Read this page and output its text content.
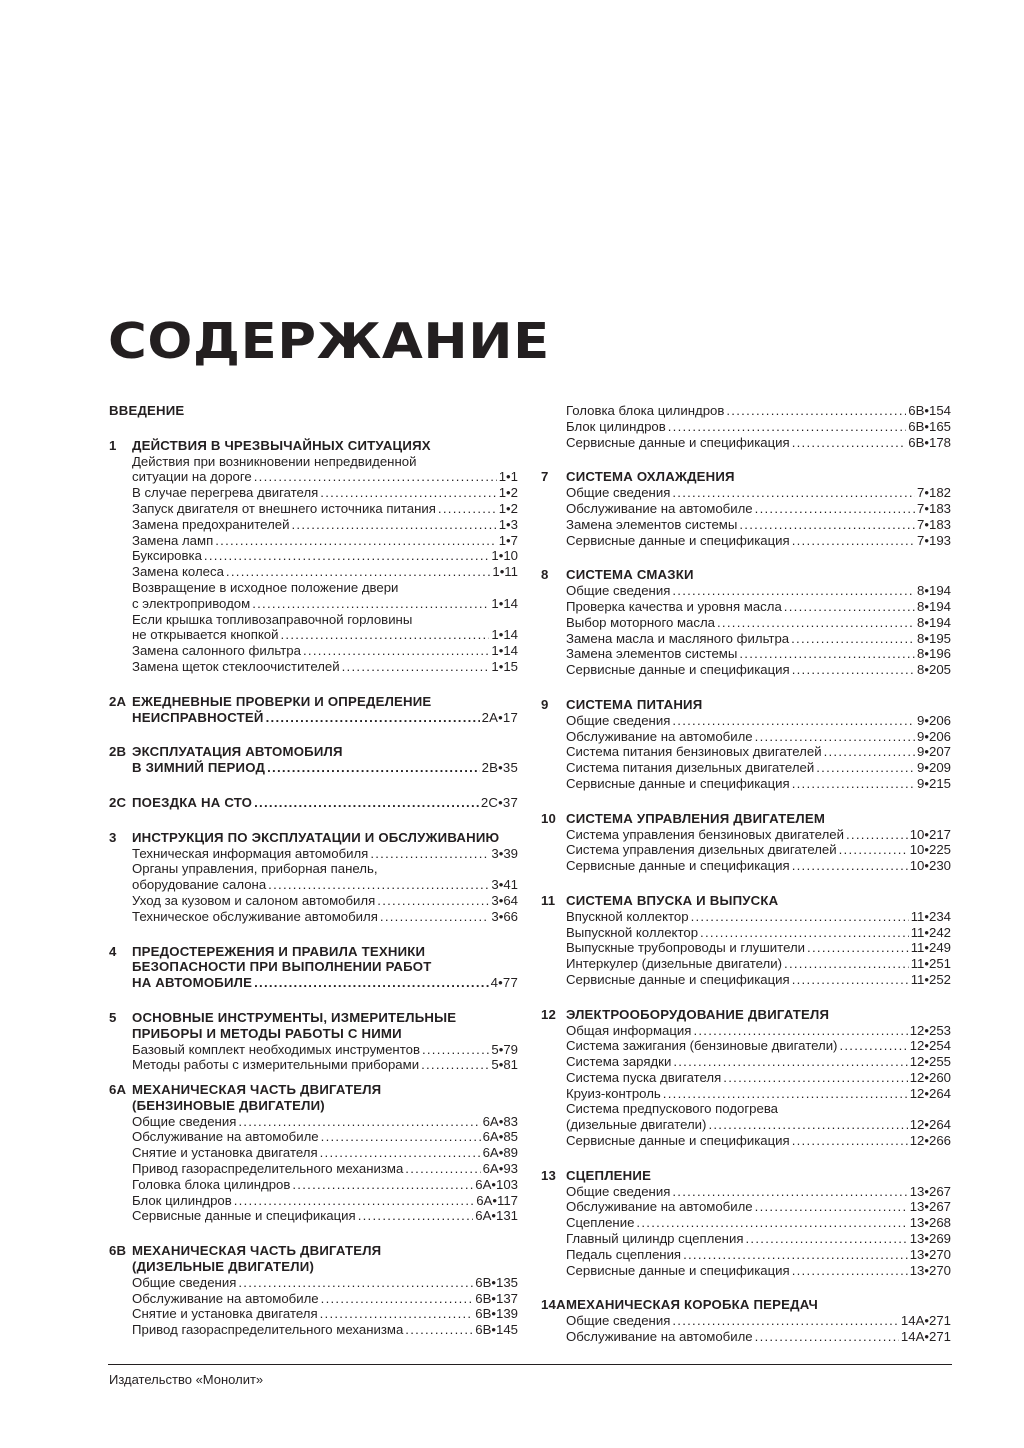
СОДЕРЖАНИЕ
ВВЕДЕНИЕ
1	ДЕЙСТВИЯ В ЧРЕЗВЫЧАЙНЫХ СИТУАЦИЯХ
Действия при возникновении непредвиденной
ситуации на дороге . . .	1•1
В случае перегрева двигателя . . .	1•2
Запуск двигателя от внешнего источника питания . . .	1•2
Замена предохранителей . . .	1•3
Замена ламп . . .	1•7
Буксировка . . .	1•10
Замена колеса . . .	1•11
Возвращение в исходное положение двери
с электроприводом . . .	1•14
Если крышка топливозаправочной горловины
не открывается кнопкой . . .	1•14
Замена салонного фильтра . . .	1•14
Замена щеток стеклоочистителей . . .	1•15
2A ЕЖЕДНЕВНЫЕ ПРОВЕРКИ И ОПРЕДЕЛЕНИЕ
НЕИСПРАВНОСТЕЙ . . .	2A•17
2B ЭКСПЛУАТАЦИЯ АВТОМОБИЛЯ
В ЗИМНИЙ ПЕРИОД . . .	2B•35
2C ПОЕЗДКА НА СТО . . .	2C•37
3	ИНСТРУКЦИЯ ПО ЭКСПЛУАТАЦИИ И ОБСЛУЖИВАНИЮ
Техническая информация автомобиля . . .	3•39
Органы управления, приборная панель,
оборудование салона . . .	3•41
Уход за кузовом и салоном автомобиля . . .	3•64
Техническое обслуживание автомобиля . . .	3•66
4	ПРЕДОСТЕРЕЖЕНИЯ И ПРАВИЛА ТЕХНИКИ
БЕЗОПАСНОСТИ ПРИ ВЫПОЛНЕНИИ РАБОТ
НА АВТОМОБИЛЕ . . .	4•77
5	ОСНОВНЫЕ ИНСТРУМЕНТЫ, ИЗМЕРИТЕЛЬНЫЕ
ПРИБОРЫ И МЕТОДЫ РАБОТЫ С НИМИ
Базовый комплект необходимых инструментов . . .	5•79
Методы работы с измерительными приборами . . .	5•81
6A МЕХАНИЧЕСКАЯ ЧАСТЬ ДВИГАТЕЛЯ
(БЕНЗИНОВЫЕ ДВИГАТЕЛИ)
Общие сведения . . .	6A•83
Обслуживание на автомобиле . . .	6A•85
Снятие и установка двигателя . . .	6A•89
Привод газораспределительного механизма . . .	6A•93
Головка блока цилиндров . . .	6A•103
Блок цилиндров . . .	6A•117
Сервисные данные и спецификация . . .	6A•131
6B МЕХАНИЧЕСКАЯ ЧАСТЬ ДВИГАТЕЛЯ
(ДИЗЕЛЬНЫЕ ДВИГАТЕЛИ)
Общие сведения . . .	6B•135
Обслуживание на автомобиле . . .	6B•137
Снятие и установка двигателя . . .	6B•139
Привод газораспределительного механизма . . .	6B•145
Головка блока цилиндров . . .	6B•154
Блок цилиндров . . .	6B•165
Сервисные данные и спецификация . . .	6B•178
7	СИСТЕМА ОХЛАЖДЕНИЯ
Общие сведения . . .	7•182
Обслуживание на автомобиле . . .	7•183
Замена элементов системы . . .	7•183
Сервисные данные и спецификация . . .	7•193
8	СИСТЕМА СМАЗКИ
Общие сведения . . .	8•194
Проверка качества и уровня масла . . .	8•194
Выбор моторного масла . . .	8•194
Замена масла и масляного фильтра . . .	8•195
Замена элементов системы . . .	8•196
Сервисные данные и спецификация . . .	8•205
9	СИСТЕМА ПИТАНИЯ
Общие сведения . . .	9•206
Обслуживание на автомобиле . . .	9•206
Система питания бензиновых двигателей . . .	9•207
Система питания дизельных двигателей . . .	9•209
Сервисные данные и спецификация . . .	9•215
10 СИСТЕМА УПРАВЛЕНИЯ ДВИГАТЕЛЕМ
Система управления бензиновых двигателей . . .	10•217
Система управления дизельных двигателей . . .	10•225
Сервисные данные и спецификация . . .	10•230
11 СИСТЕМА ВПУСКА И ВЫПУСКА
Впускной коллектор . . .	11•234
Выпускной коллектор . . .	11•242
Выпускные трубопроводы и глушители . . .	11•249
Интеркулер (дизельные двигатели) . . .	11•251
Сервисные данные и спецификация . . .	11•252
12 ЭЛЕКТРООБОРУДОВАНИЕ ДВИГАТЕЛЯ
Общая информация . . .	12•253
Система зажигания (бензиновые двигатели) . . .	12•254
Система зарядки . . .	12•255
Система пуска двигателя . . .	12•260
Круиз-контроль . . .	12•264
Система предпускового подогрева
(дизельные двигатели) . . .	12•264
Сервисные данные и спецификация . . .	12•266
13 СЦЕПЛЕНИЕ
Общие сведения . . .	13•267
Обслуживание на автомобиле . . .	13•267
Сцепление . . .	13•268
Главный цилиндр сцепления . . .	13•269
Педаль сцепления . . .	13•270
Сервисные данные и спецификация . . .	13•270
14A МЕХАНИЧЕСКАЯ КОРОБКА ПЕРЕДАЧ
Общие сведения . . .	14A•271
Обслуживание на автомобиле . . .	14A•271
Издательство «Монолит»
